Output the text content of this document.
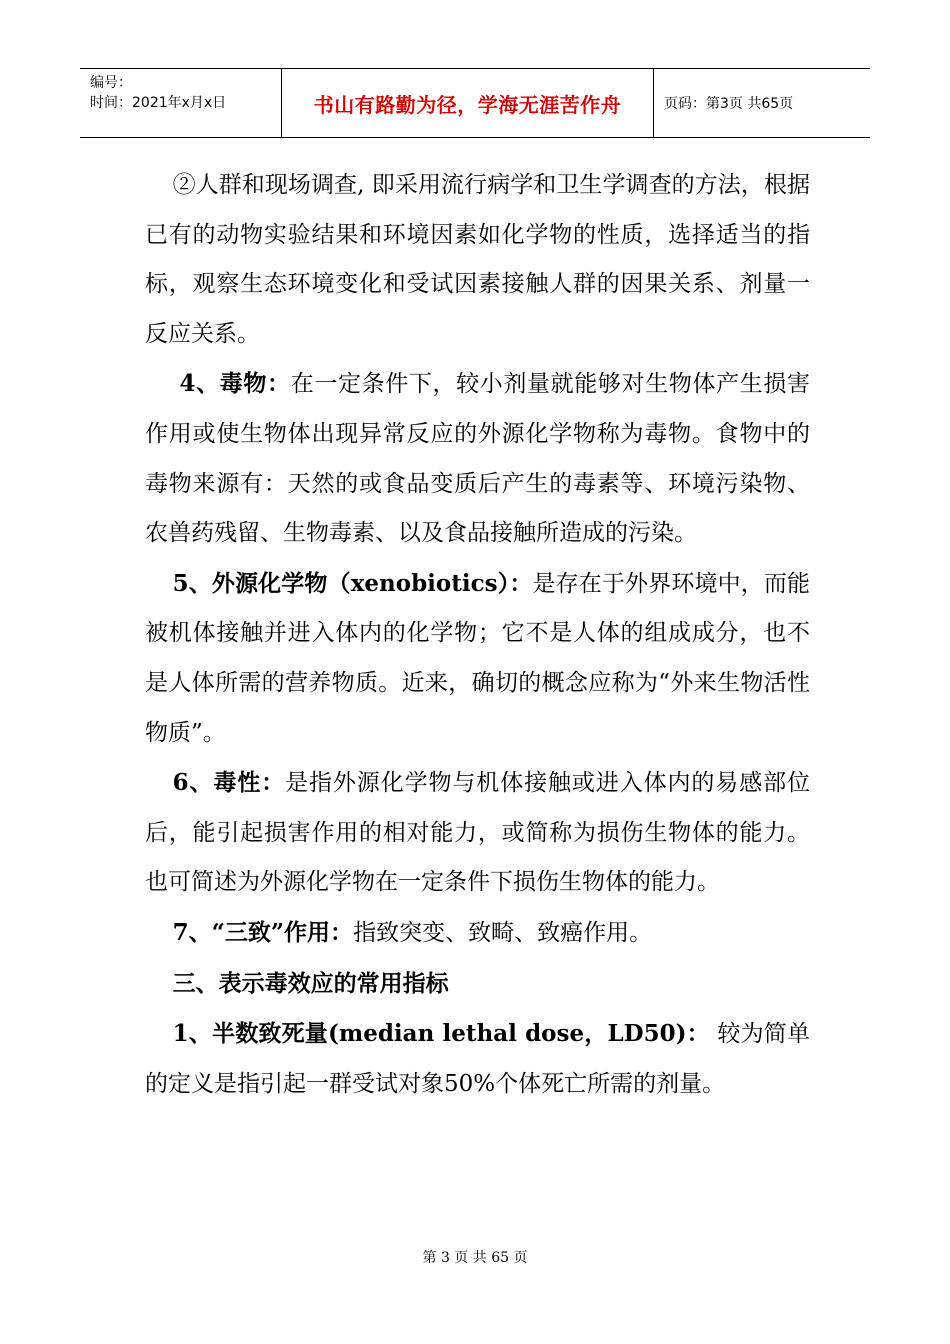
编号：
时间：2021年x月x日	书山有路勤为径，学海无涯苦作舟	页码：第3页 共65页

②人群和现场调查, 即采用流行病学和卫生学调查的方法，根据已有的动物实验结果和环境因素如化学物的性质，选择适当的指标，观察生态环境变化和受试因素接触人群的因果关系、剂量一反应关系。

4、毒物：在一定条件下，较小剂量就能够对生物体产生损害作用或使生物体出现异常反应的外源化学物称为毒物。食物中的毒物来源有：天然的或食品变质后产生的毒素等、环境污染物、农兽药残留、生物毒素、以及食品接触所造成的污染。

5、外源化学物（xenobiotics）：是存在于外界环境中，而能被机体接触并进入体内的化学物；它不是人体的组成成分，也不是人体所需的营养物质。近来，确切的概念应称为“外来生物活性物质”。

6、毒性：是指外源化学物与机体接触或进入体内的易感部位后，能引起损害作用的相对能力，或简称为损伤生物体的能力。也可简述为外源化学物在一定条件下损伤生物体的能力。

7、“三致”作用：指致突变、致畸、致癌作用。

三、表示毒效应的常用指标

1、半数致死量(median lethal dose，LD50)： 较为简单的定义是指引起一群受试对象50%个体死亡所需的剂量。

第 3 页 共 65 页
